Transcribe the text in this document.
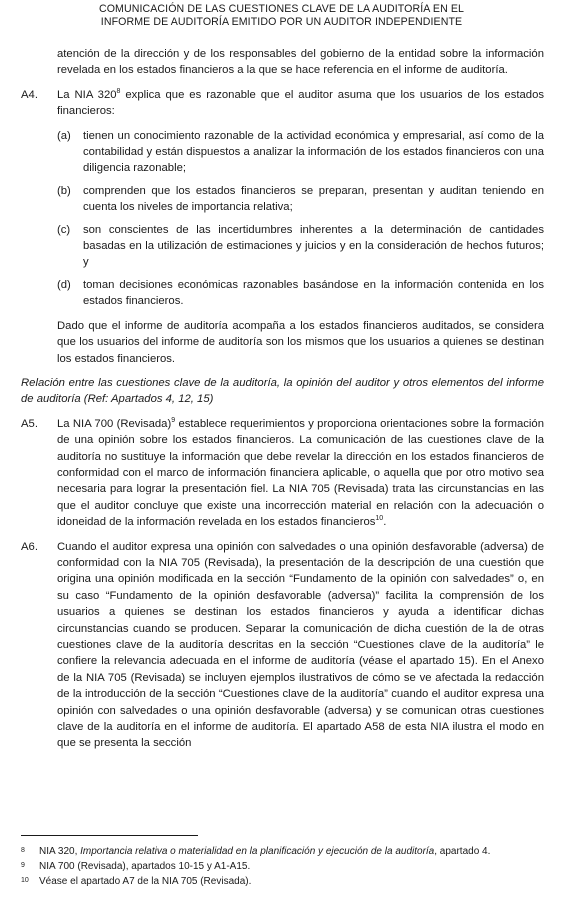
COMUNICACIÓN DE LAS CUESTIONES CLAVE DE LA AUDITORÍA EN EL
INFORME DE AUDITORÍA EMITIDO POR UN AUDITOR INDEPENDIENTE

atención de la dirección y de los responsables del gobierno de la entidad sobre la información revelada en los estados financieros a la que se hace referencia en el informe de auditoría.

A4.	La NIA $320^8$ explica que es razonable que el auditor asuma que los usuarios de los estados financieros:
(a)	tienen un conocimiento razonable de la actividad económica y empresarial, así como de la contabilidad y están dispuestos a analizar la información de los estados financieros con una diligencia razonable;
(b)	comprenden que los estados financieros se preparan, presentan y auditan teniendo en cuenta los niveles de importancia relativa;
(c)	son conscientes de las incertidumbres inherentes a la determinación de cantidades basadas en la utilización de estimaciones y juicios y en la consideración de hechos futuros; y
(d)	toman decisiones económicas razonables basándose en la información contenida en los estados financieros.

Dado que el informe de auditoría acompaña a los estados financieros auditados, se considera que los usuarios del informe de auditoría son los mismos que los usuarios a quienes se destinan los estados financieros.

Relación entre las cuestiones clave de la auditoría, la opinión del auditor y otros elementos del informe de auditoría (Ref: Apartados 4, 12, 15)
A5.	La NIA 700 (Revisada)$^9$ establece requerimientos y proporciona orientaciones sobre la formación de una opinión sobre los estados financieros. La comunicación de las cuestiones clave de la auditoría no sustituye la información que debe revelar la dirección en los estados financieros de conformidad con el marco de información financiera aplicable, o aquella que por otro motivo sea necesaria para lograr la presentación fiel. La NIA 705 (Revisada) trata las circunstancias en las que el auditor concluye que existe una incorrección material en relación con la adecuación o idoneidad de la información revelada en los estados financieros$^{10}$.
A6.	Cuando el auditor expresa una opinión con salvedades o una opinión desfavorable (adversa) de conformidad con la NIA 705 (Revisada), la presentación de la descripción de una cuestión que origina una opinión modificada en la sección “Fundamento de la opinión con salvedades” o, en su caso “Fundamento de la opinión desfavorable (adversa)” facilita la comprensión de los usuarios a quienes se destinan los estados financieros y ayuda a identificar dichas circunstancias cuando se producen. Separar la comunicación de dicha cuestión de la de otras cuestiones clave de la auditoría descritas en la sección “Cuestiones clave de la auditoría” le confiere la relevancia adecuada en el informe de auditoría (véase el apartado 15). En el Anexo de la NIA 705 (Revisada) se incluyen ejemplos ilustrativos de cómo se ve afectada la redacción de la introducción de la sección “Cuestiones clave de la auditoría” cuando el auditor expresa una opinión con salvedades o una opinión desfavorable (adversa) y se comunican otras cuestiones clave de la auditoría en el informe de auditoría. El apartado A58 de esta NIA ilustra el modo en que se presenta la sección
8	NIA 320, Importancia relativa o materialidad en la planificación y ejecución de la auditoría, apartado 4.
9	NIA 700 (Revisada), apartados 10-15 y A1-A15.
10	Véase el apartado A7 de la NIA 705 (Revisada).
